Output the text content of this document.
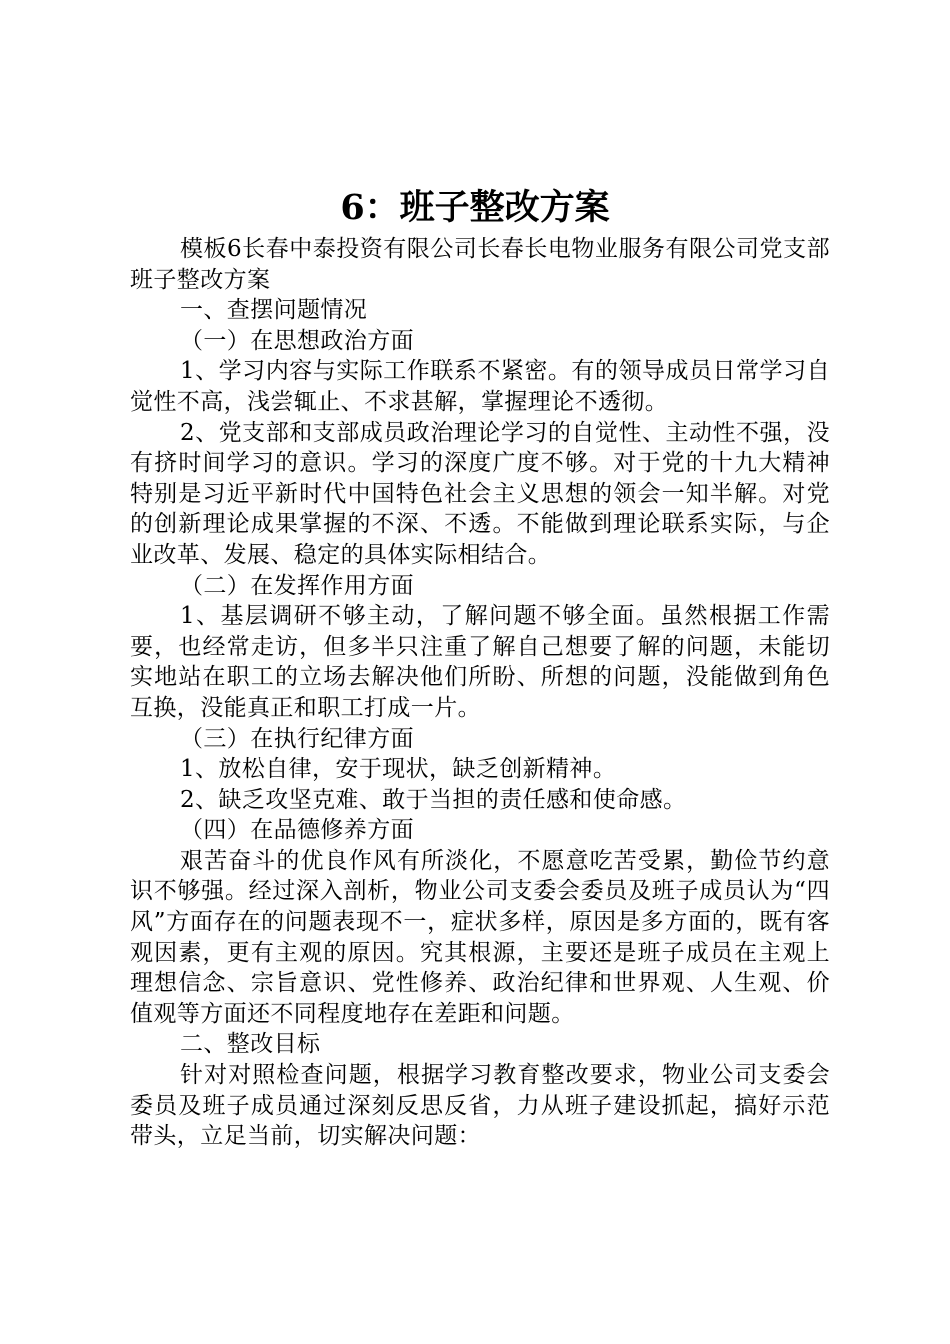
6：班子整改方案

模板6长春中泰投资有限公司长春长电物业服务有限公司党支部班子整改方案

一、查摆问题情况

（一）在思想政治方面

1、学习内容与实际工作联系不紧密。有的领导成员日常学习自觉性不高，浅尝辄止、不求甚解，掌握理论不透彻。

2、党支部和支部成员政治理论学习的自觉性、主动性不强，没有挤时间学习的意识。学习的深度广度不够。对于党的十九大精神特别是习近平新时代中国特色社会主义思想的领会一知半解。对党的创新理论成果掌握的不深、不透。不能做到理论联系实际，与企业改革、发展、稳定的具体实际相结合。

（二）在发挥作用方面

1、基层调研不够主动，了解问题不够全面。虽然根据工作需要，也经常走访，但多半只注重了解自己想要了解的问题，未能切实地站在职工的立场去解决他们所盼、所想的问题，没能做到角色互换，没能真正和职工打成一片。

（三）在执行纪律方面

1、放松自律，安于现状，缺乏创新精神。

2、缺乏攻坚克难、敢于当担的责任感和使命感。

（四）在品德修养方面

艰苦奋斗的优良作风有所淡化，不愿意吃苦受累，勤俭节约意识不够强。经过深入剖析，物业公司支委会委员及班子成员认为“四风”方面存在的问题表现不一，症状多样，原因是多方面的，既有客观因素，更有主观的原因。究其根源，主要还是班子成员在主观上理想信念、宗旨意识、党性修养、政治纪律和世界观、人生观、价值观等方面还不同程度地存在差距和问题。

二、整改目标

针对对照检查问题，根据学习教育整改要求，物业公司支委会委员及班子成员通过深刻反思反省，力从班子建设抓起，搞好示范带头，立足当前，切实解决问题：
